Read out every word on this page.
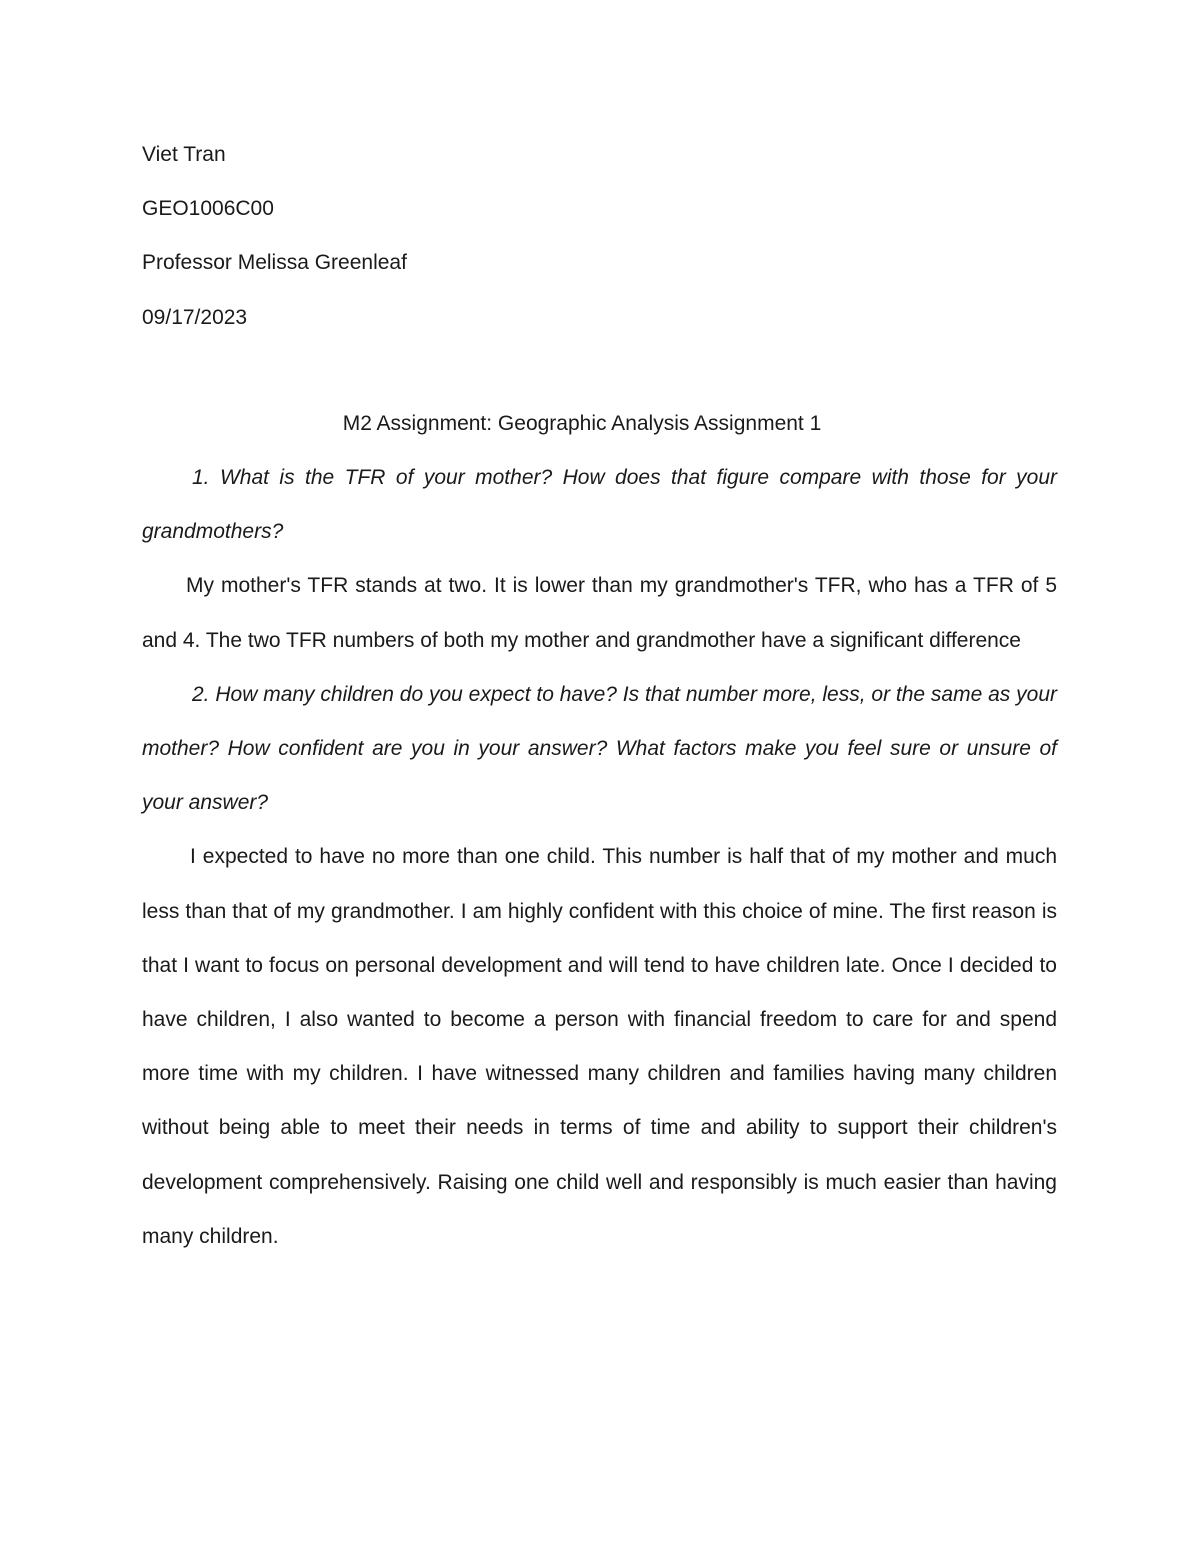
Viet Tran

GEO1006C00

Professor Melissa Greenleaf

09/17/2023

M2 Assignment: Geographic Analysis Assignment 1

1. What is the TFR of your mother? How does that figure compare with those for your grandmothers?

My mother's TFR stands at two. It is lower than my grandmother's TFR, who has a TFR of 5 and 4. The two TFR numbers of both my mother and grandmother have a significant difference

2. How many children do you expect to have? Is that number more, less, or the same as your mother? How confident are you in your answer? What factors make you feel sure or unsure of your answer?

I expected to have no more than one child. This number is half that of my mother and much less than that of my grandmother. I am highly confident with this choice of mine. The first reason is that I want to focus on personal development and will tend to have children late. Once I decided to have children, I also wanted to become a person with financial freedom to care for and spend more time with my children. I have witnessed many children and families having many children without being able to meet their needs in terms of time and ability to support their children's development comprehensively. Raising one child well and responsibly is much easier than having many children.
